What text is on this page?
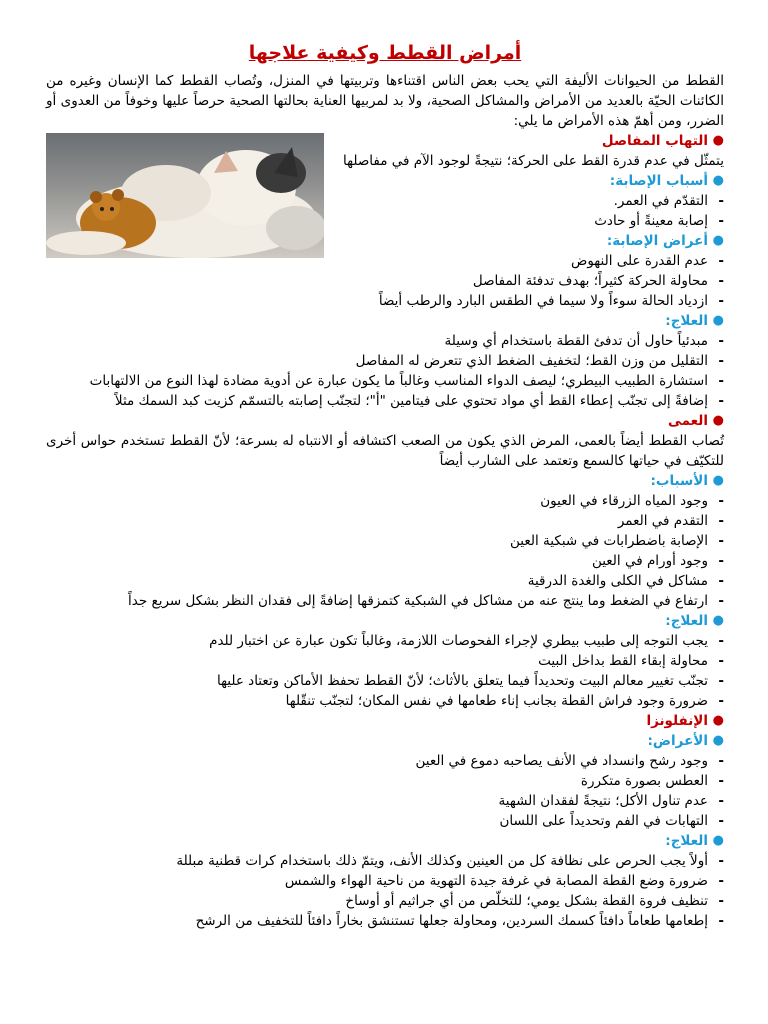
أمراض القطط وكيفية علاجها

القطط من الحيوانات الأليفة التي يحب بعض الناس اقتناءها وتربيتها في المنزل، وتُصاب القطط كما الإنسان وغيره من الكائنات الحيّة بالعديد من الأمراض والمشاكل الصحية، ولا بد لمربيها العناية بحالتها الصحية حرصاً عليها وخوفاً من العدوى أو الضرر، ومن أهمّ هذه الأمراض ما يلي:

●
التهاب المفاصل

يتمثّل في عدم قدرة القط على الحركة؛ نتيجةً لوجود الآم في مفاصلها

●
أسباب الإصابة:
-
التقدّم في العمر.
-
إصابة معينةً أو حادث
●
أعراض الإصابة:
-
عدم القدرة على النهوض
-
محاولة الحركة كثيراً؛ بهدف تدفئة المفاصل
-
ازدياد الحالة سوءاً ولا سيما في الطقس البارد والرطب أيضاً
●
العلاج:
-
مبدئياً حاول أن تدفئ القطة باستخدام أي وسيلة
-
التقليل من وزن القط؛ لتخفيف الضغط الذي تتعرض له المفاصل
-
استشارة الطبيب البيطري؛ ليصف الدواء المناسب وغالباً ما يكون عبارة عن أدوية مضادة لهذا النوع من الالتهابات
-
إضافةً إلى تجنّب إعطاء القط أي مواد تحتوي على فيتامين "أ"؛ لتجنّب إصابته بالتسمّم كزيت كبد السمك مثلاً
●
العمى

تُصاب القطط أيضاً بالعمى، المرض الذي يكون من الصعب اكتشافه أو الانتباه له بسرعة؛ لأنّ القطط تستخدم حواس أخرى للتكيّف في حياتها كالسمع وتعتمد على الشارب أيضاً

●
الأسباب:
-
وجود المياه الزرقاء في العيون
-
التقدم في العمر
-
الإصابة باضطرابات في شبكية العين
-
وجود أورام في العين
-
مشاكل في الكلى والغدة الدرقية
-
ارتفاع في الضغط وما ينتج عنه من مشاكل في الشبكية كتمزقها إضافةً إلى فقدان النظر بشكل سريع جداً
●
العلاج:
-
يجب التوجه إلى طبيب بيطري لإجراء الفحوصات اللازمة، وغالباً تكون عبارة عن اختبار للدم
-
محاولة إبقاء القط بداخل البيت
-
تجنّب تغيير معالم البيت وتحديداً فيما يتعلق بالأثاث؛ لأنّ القطط تحفظ الأماكن وتعتاد عليها
-
ضرورة وجود فراش القطة بجانب إناء طعامها في نفس المكان؛ لتجنّب تنقّلها
●
الإنفلونزا
●
الأعراض:
-
وجود رشح وانسداد في الأنف يصاحبه دموع في العين
-
العطس بصورة متكررة
-
عدم تناول الأكل؛ نتيجةً لفقدان الشهية
-
التهابات في الفم وتحديداً على اللسان
●
العلاج:
-
أولاً يجب الحرص على نظافة كل من العينين وكذلك الأنف، ويتمّ ذلك باستخدام كرات قطنية مبللة
-
ضرورة وضع القطة المصابة في غرفة جيدة التهوية من ناحية الهواء والشمس
-
تنظيف فروة القطة بشكل يومي؛ للتخلّص من أي جراثيم أو أوساخ
-
إطعامها طعاماً دافئاً كسمك السردين، ومحاولة جعلها تستنشق بخاراً دافئاً للتخفيف من الرشح
